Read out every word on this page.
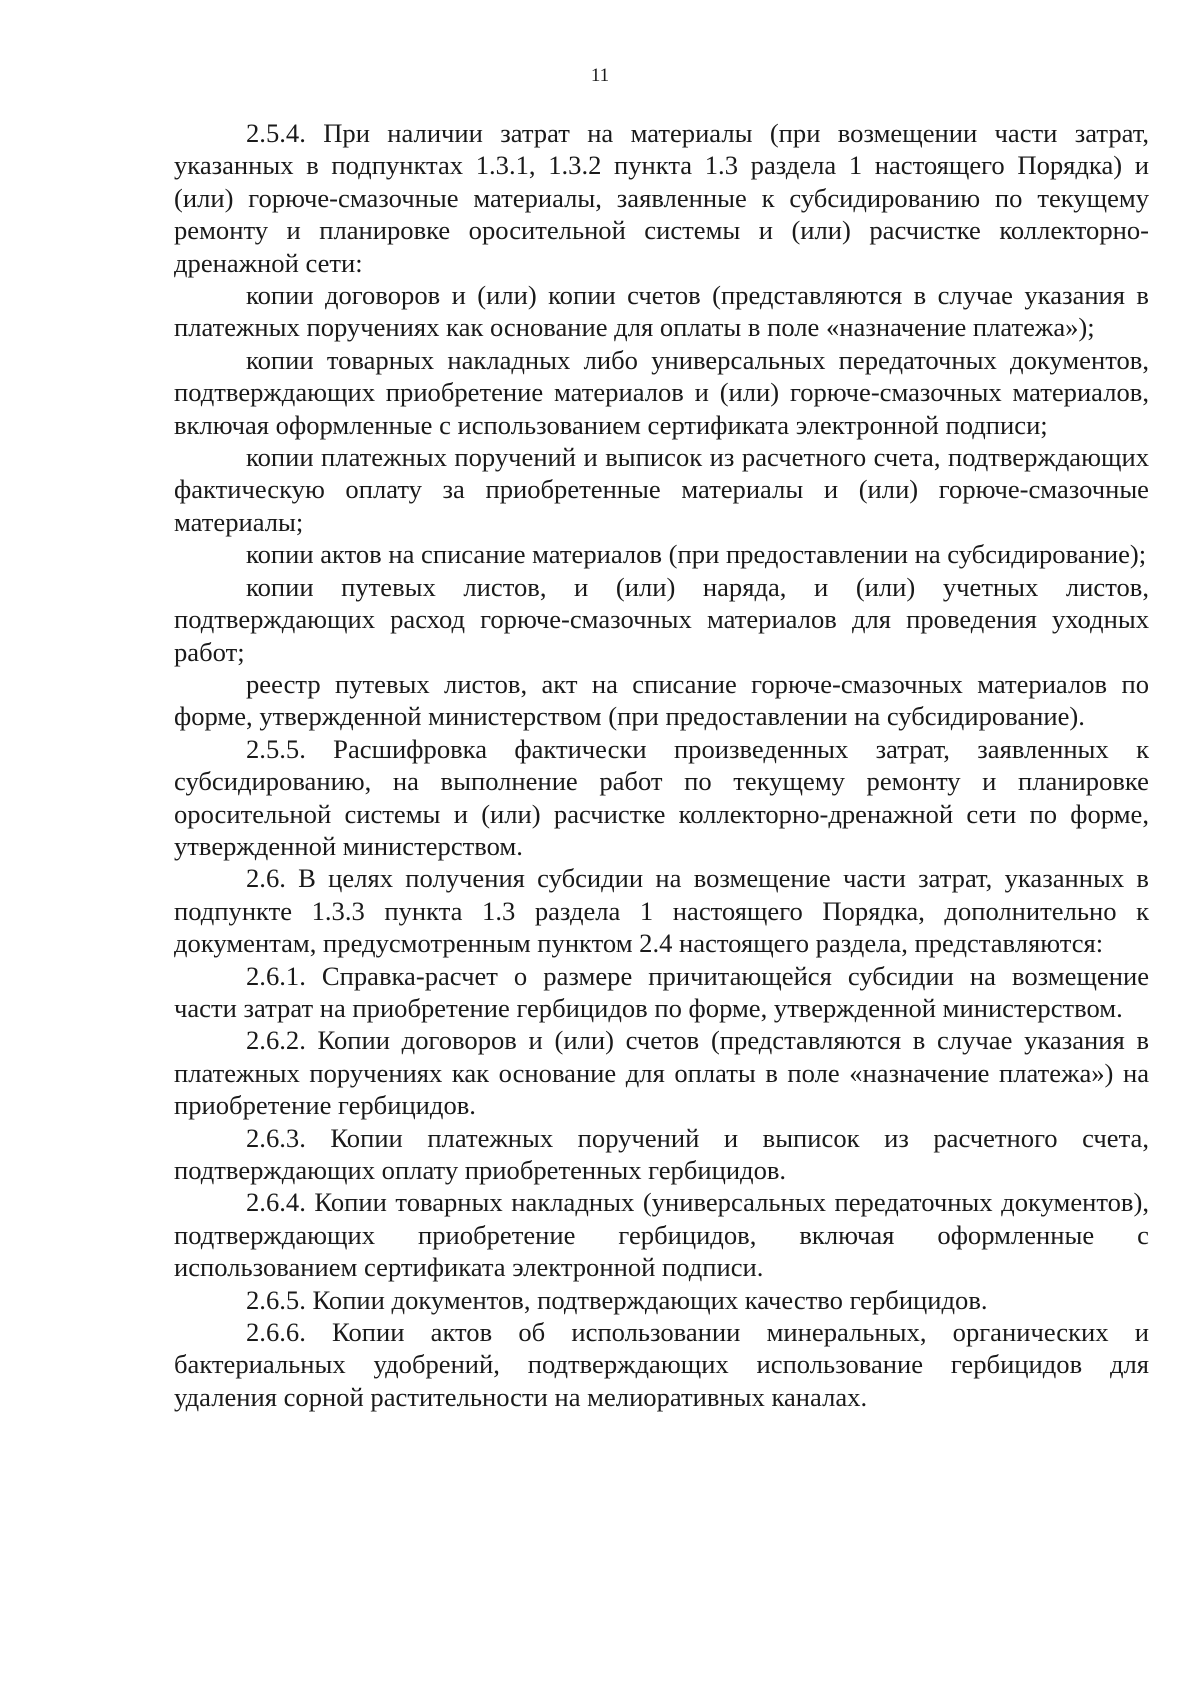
11

2.5.4. При наличии затрат на материалы (при возмещении части затрат, указанных в подпунктах 1.3.1, 1.3.2 пункта 1.3 раздела 1 настоящего Порядка) и (или) горюче-смазочные материалы, заявленные к субсидированию по текущему ремонту и планировке оросительной системы и (или) расчистке коллекторно-дренажной сети:

копии договоров и (или) копии счетов (представляются в случае указания в платежных поручениях как основание для оплаты в поле «назначение платежа»);

копии товарных накладных либо универсальных передаточных документов, подтверждающих приобретение материалов и (или) горюче-смазочных материалов, включая оформленные с использованием сертификата электронной подписи;

копии платежных поручений и выписок из расчетного счета, подтверждающих фактическую оплату за приобретенные материалы и (или) горюче-смазочные материалы;

копии актов на списание материалов (при предоставлении на субсидирование);

копии путевых листов, и (или) наряда, и (или) учетных листов, подтверждающих расход горюче-смазочных материалов для проведения уходных работ;

реестр путевых листов, акт на списание горюче-смазочных материалов по форме, утвержденной министерством (при предоставлении на субсидирование).

2.5.5. Расшифровка фактически произведенных затрат, заявленных к субсидированию, на выполнение работ по текущему ремонту и планировке оросительной системы и (или) расчистке коллекторно-дренажной сети по форме, утвержденной министерством.

2.6. В целях получения субсидии на возмещение части затрат, указанных в подпункте 1.3.3 пункта 1.3 раздела 1 настоящего Порядка, дополнительно к документам, предусмотренным пунктом 2.4 настоящего раздела, представляются:

2.6.1. Справка-расчет о размере причитающейся субсидии на возмещение части затрат на приобретение гербицидов по форме, утвержденной министерством.

2.6.2. Копии договоров и (или) счетов (представляются в случае указания в платежных поручениях как основание для оплаты в поле «назначение платежа») на приобретение гербицидов.

2.6.3. Копии платежных поручений и выписок из расчетного счета, подтверждающих оплату приобретенных гербицидов.

2.6.4. Копии товарных накладных (универсальных передаточных документов), подтверждающих приобретение гербицидов, включая оформленные с использованием сертификата электронной подписи.

2.6.5. Копии документов, подтверждающих качество гербицидов.

2.6.6. Копии актов об использовании минеральных, органических и бактериальных удобрений, подтверждающих использование гербицидов для удаления сорной растительности на мелиоративных каналах.
